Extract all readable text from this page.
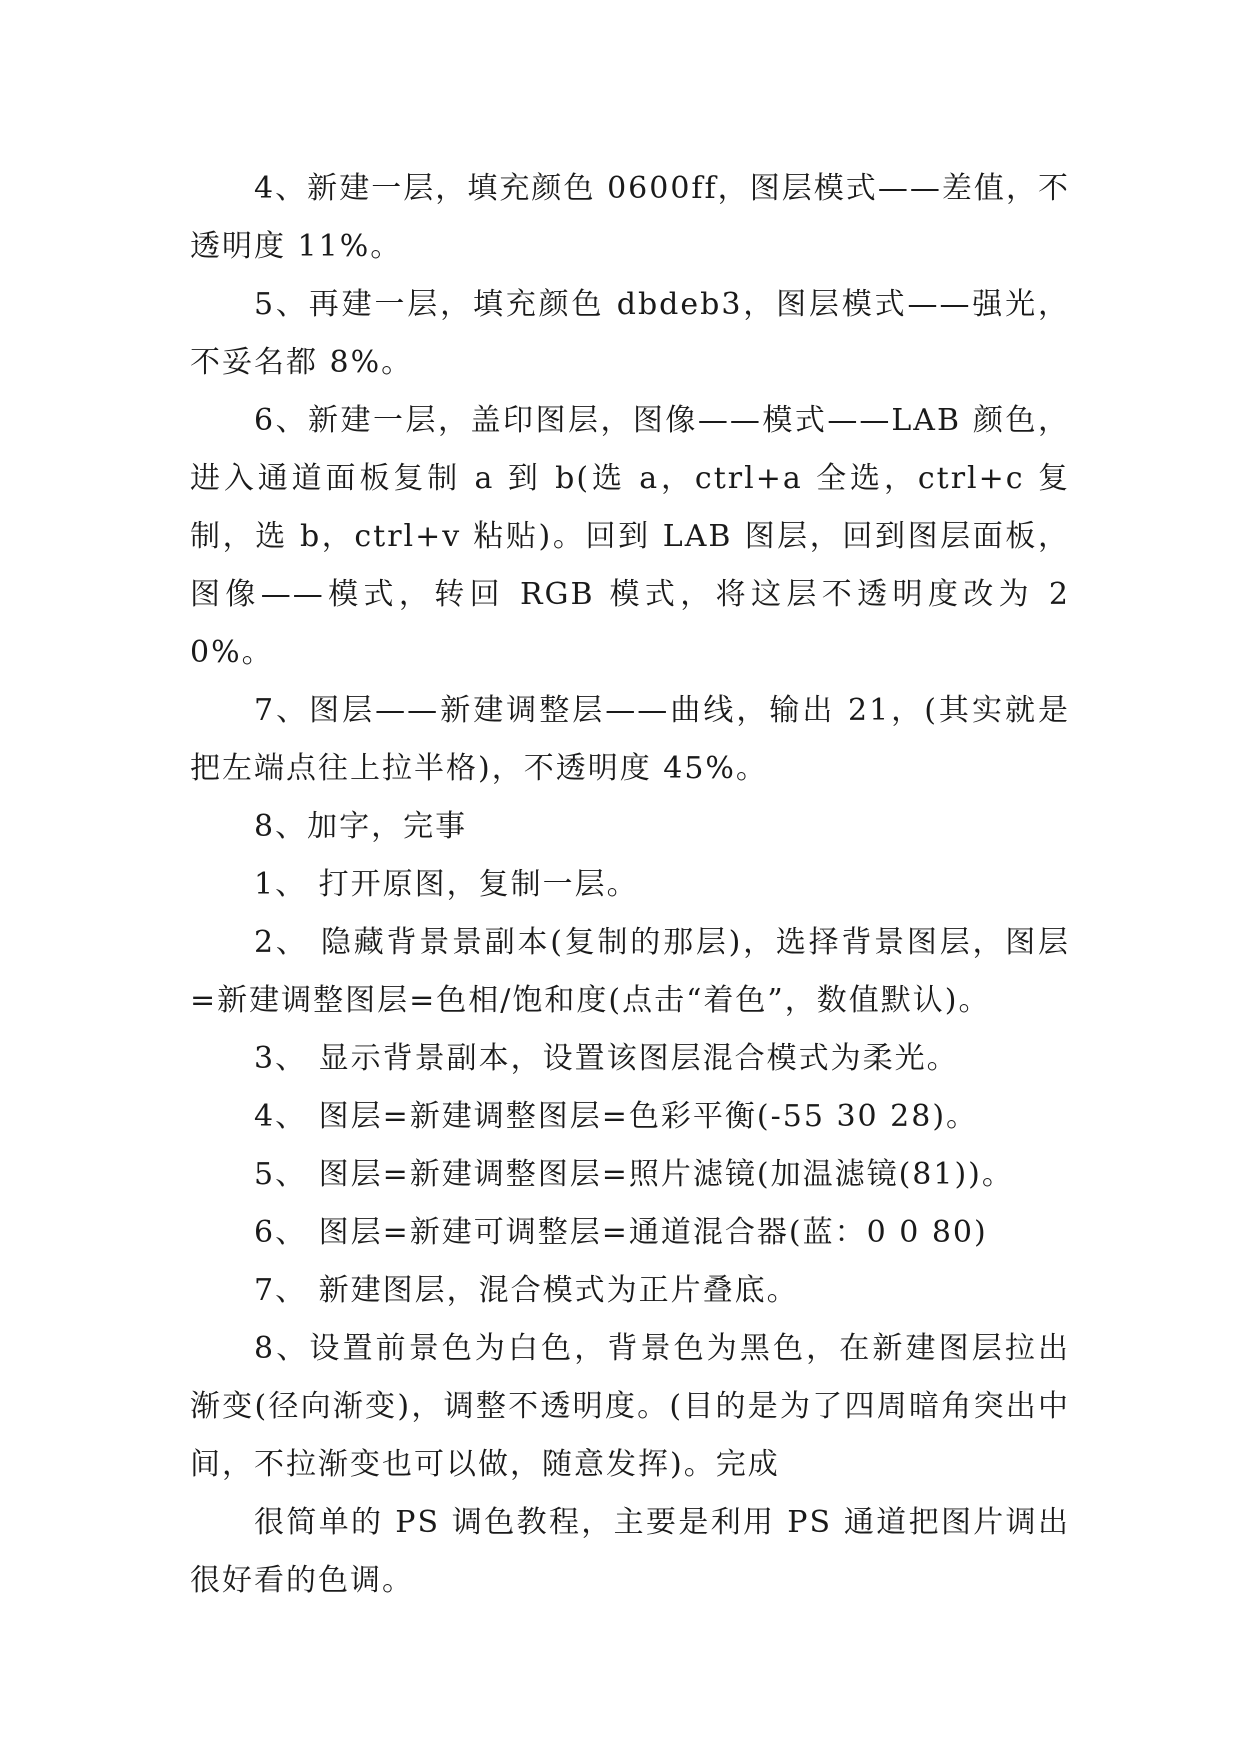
4、新建一层，填充颜色 0600ff，图层模式——差值，不透明度 11%。

5、再建一层，填充颜色 dbdeb3，图层模式——强光，不妥名都 8%。

6、新建一层，盖印图层，图像——模式——LAB 颜色，进入通道面板复制 a 到 b(选 a，ctrl+a 全选，ctrl+c 复制，选 b，ctrl+v 粘贴)。回到 LAB 图层，回到图层面板，图像——模式，转回 RGB 模式，将这层不透明度改为 20%。

7、图层——新建调整层——曲线，输出 21，(其实就是把左端点往上拉半格)，不透明度 45%。

8、加字，完事

1、 打开原图，复制一层。

2、 隐藏背景景副本(复制的那层)，选择背景图层，图层=新建调整图层=色相/饱和度(点击“着色”，数值默认)。

3、 显示背景副本，设置该图层混合模式为柔光。

4、 图层=新建调整图层=色彩平衡(-55 30 28)。

5、 图层=新建调整图层=照片滤镜(加温滤镜(81))。

6、 图层=新建可调整层=通道混合器(蓝：0 0 80)

7、 新建图层，混合模式为正片叠底。

8、设置前景色为白色，背景色为黑色，在新建图层拉出渐变(径向渐变)，调整不透明度。(目的是为了四周暗角突出中间，不拉渐变也可以做，随意发挥)。完成

很简单的 PS 调色教程，主要是利用 PS 通道把图片调出很好看的色调。
